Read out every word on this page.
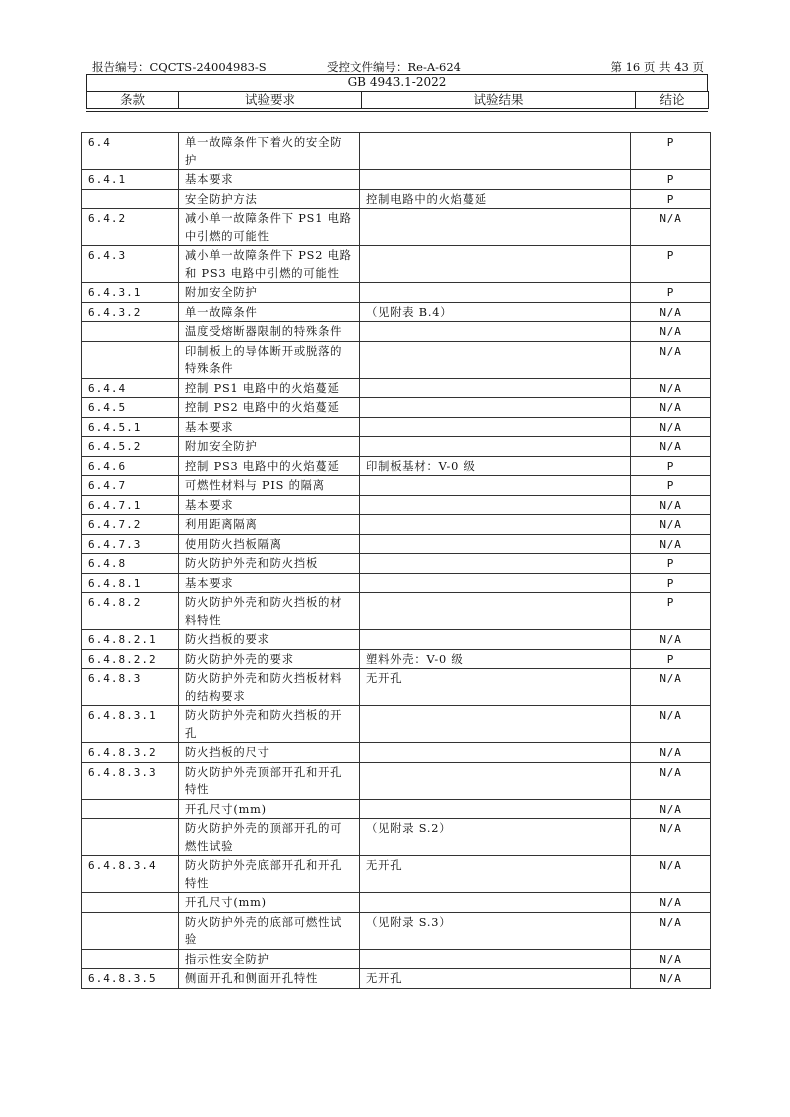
报告编号：CQCTS-24004983-S	受控文件编号：Re-A-624	第 16 页 共 43 页
GB 4943.1-2022
条款	试验要求	试验结果	结论
6.4	单一故障条件下着火的安全防护		P
6.4.1	基本要求		P
	安全防护方法	控制电路中的火焰蔓延	P
6.4.2	减小单一故障条件下 PS1 电路中引燃的可能性		N/A
6.4.3	减小单一故障条件下 PS2 电路和 PS3 电路中引燃的可能性		P
6.4.3.1	附加安全防护		P
6.4.3.2	单一故障条件	（见附表 B.4）	N/A
	温度受熔断器限制的特殊条件		N/A
	印制板上的导体断开或脱落的特殊条件		N/A
6.4.4	控制 PS1 电路中的火焰蔓延		N/A
6.4.5	控制 PS2 电路中的火焰蔓延		N/A
6.4.5.1	基本要求		N/A
6.4.5.2	附加安全防护		N/A
6.4.6	控制 PS3 电路中的火焰蔓延	印制板基材：V-0 级	P
6.4.7	可燃性材料与 PIS 的隔离		P
6.4.7.1	基本要求		N/A
6.4.7.2	利用距离隔离		N/A
6.4.7.3	使用防火挡板隔离		N/A
6.4.8	防火防护外壳和防火挡板		P
6.4.8.1	基本要求		P
6.4.8.2	防火防护外壳和防火挡板的材料特性		P
6.4.8.2.1	防火挡板的要求		N/A
6.4.8.2.2	防火防护外壳的要求	塑料外壳：V-0 级	P
6.4.8.3	防火防护外壳和防火挡板材料的结构要求	无开孔	N/A
6.4.8.3.1	防火防护外壳和防火挡板的开孔		N/A
6.4.8.3.2	防火挡板的尺寸		N/A
6.4.8.3.3	防火防护外壳顶部开孔和开孔特性		N/A
	开孔尺寸(mm)		N/A
	防火防护外壳的顶部开孔的可燃性试验	（见附录 S.2）	N/A
6.4.8.3.4	防火防护外壳底部开孔和开孔特性	无开孔	N/A
	开孔尺寸(mm)		N/A
	防火防护外壳的底部可燃性试验	（见附录 S.3）	N/A
	指示性安全防护		N/A
6.4.8.3.5	侧面开孔和侧面开孔特性	无开孔	N/A
